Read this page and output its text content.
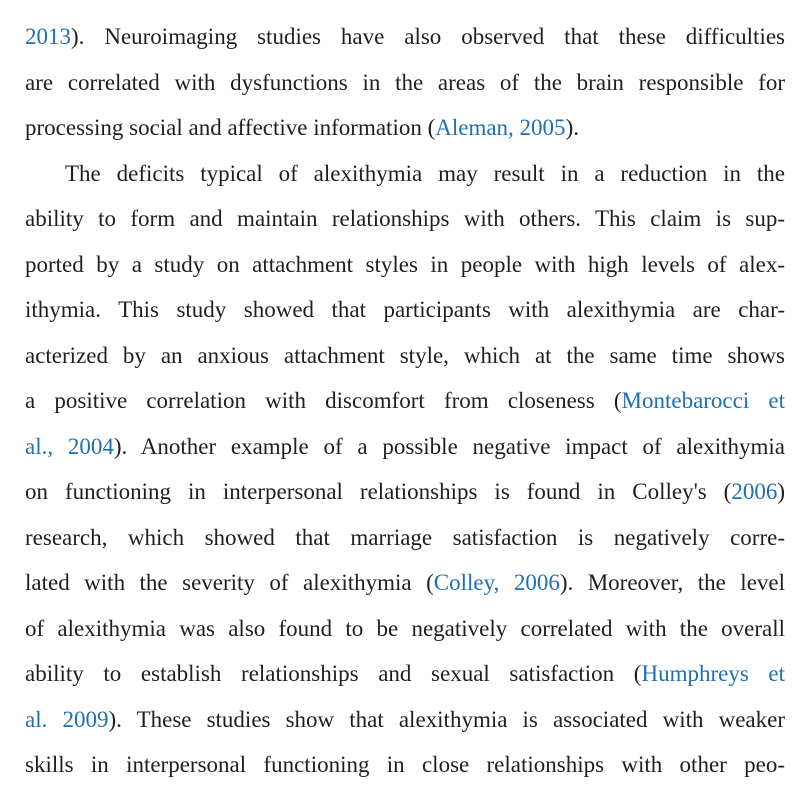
2013). Neuroimaging studies have also observed that these difficulties
are correlated with dysfunctions in the areas of the brain responsible for
processing social and affective information (Aleman, 2005).
The deficits typical of alexithymia may result in a reduction in the
ability to form and maintain relationships with others. This claim is sup-
ported by a study on attachment styles in people with high levels of alex-
ithymia. This study showed that participants with alexithymia are char-
acterized by an anxious attachment style, which at the same time shows
a positive correlation with discomfort from closeness (Montebarocci et
al., 2004). Another example of a possible negative impact of alexithymia
on functioning in interpersonal relationships is found in Colley's (2006)
research, which showed that marriage satisfaction is negatively corre-
lated with the severity of alexithymia (Colley, 2006). Moreover, the level
of alexithymia was also found to be negatively correlated with the overall
ability to establish relationships and sexual satisfaction (Humphreys et
al. 2009). These studies show that alexithymia is associated with weaker
skills in interpersonal functioning in close relationships with other peo-
